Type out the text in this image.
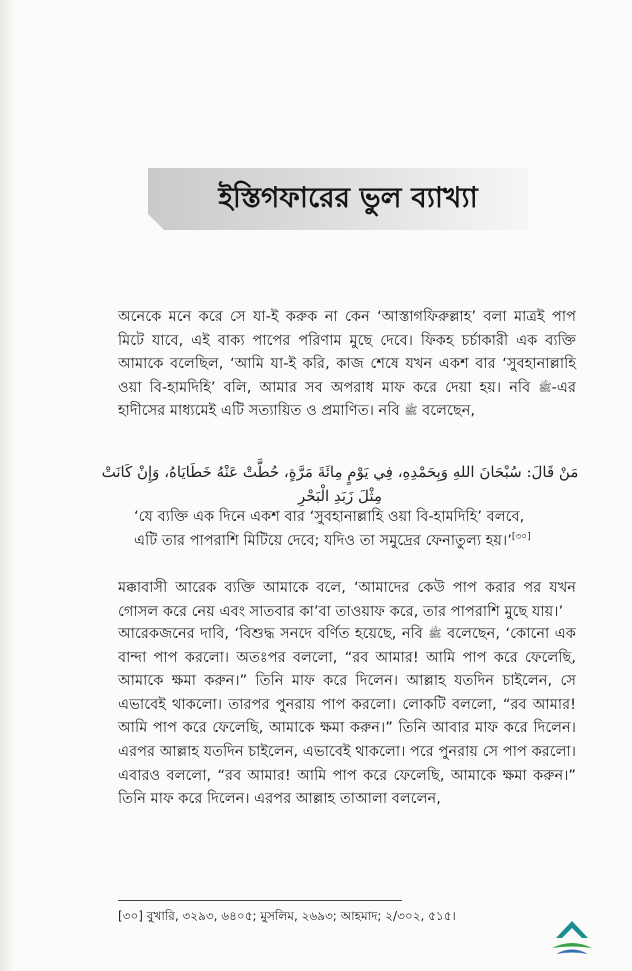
ইস্তিগফারের ভুল ব্যাখ্যা
অনেকে মনে করে সে যা-ই করুক না কেন ‘আস্তাগফিরুল্লাহ’ বলা মাত্রই পাপ মিটে যাবে, এই বাক্য পাপের পরিণাম মুছে দেবে। ফিকহ চর্চাকারী এক ব্যক্তি আমাকে বলেছিল, ‘আমি যা-ই করি, কাজ শেষে যখন একশ বার ‘সুবহানাল্লাহি ওয়া বি-হামদিহি’ বলি, আমার সব অপরাধ মাফ করে দেয়া হয়। নবি ﷺ-এর হাদীসের মাধ্যমেই এটি সত্যায়িত ও প্রমাণিত। নবি ﷺ বলেছেন,
مَنْ قَالَ: سُبْحَانَ اللهِ وَبِحَمْدِهِ، فِي يَوْمٍ مِائَةَ مَرَّةٍ، حُطَّتْ عَنْهُ خَطَايَاهُ، وَإِنْ كَانَتْ مِثْلَ زَبَدِ الْبَحْرِ

‘যে ব্যক্তি এক দিনে একশ বার ‘সুবহানাল্লাহি ওয়া বি-হামদিহি’ বলবে,

এটি তার পাপরাশি মিটিয়ে দেবে; যদিও তা সমুদ্রের ফেনাতুল্য হয়।’[৩০]

মক্কাবাসী আরেক ব্যক্তি আমাকে বলে, ‘আমাদের কেউ পাপ করার পর যখন গোসল করে নেয় এবং সাতবার কা’বা তাওয়াফ করে, তার পাপরাশি মুছে যায়।’
আরেকজনের দাবি, ‘বিশুদ্ধ সনদে বর্ণিত হয়েছে, নবি ﷺ বলেছেন, ‘কোনো এক বান্দা পাপ করলো। অতঃপর বললো, “রব আমার! আমি পাপ করে ফেলেছি, আমাকে ক্ষমা করুন।” তিনি মাফ করে দিলেন। আল্লাহ যতদিন চাইলেন, সে এভাবেই থাকলো। তারপর পুনরায় পাপ করলো। লোকটি বললো, “রব আমার! আমি পাপ করে ফেলেছি, আমাকে ক্ষমা করুন।” তিনি আবার মাফ করে দিলেন। এরপর আল্লাহ যতদিন চাইলেন, এভাবেই থাকলো। পরে পুনরায় সে পাপ করলো। এবারও বললো, “রব আমার! আমি পাপ করে ফেলেছি, আমাকে ক্ষমা করুন।” তিনি মাফ করে দিলেন। এরপর আল্লাহ তাআলা বললেন,
[৩০] বুখারি, ৩২৯৩, ৬৪০৫; মুসলিম, ২৬৯৩; আহমাদ; ২/৩০২, ৫১৫।
